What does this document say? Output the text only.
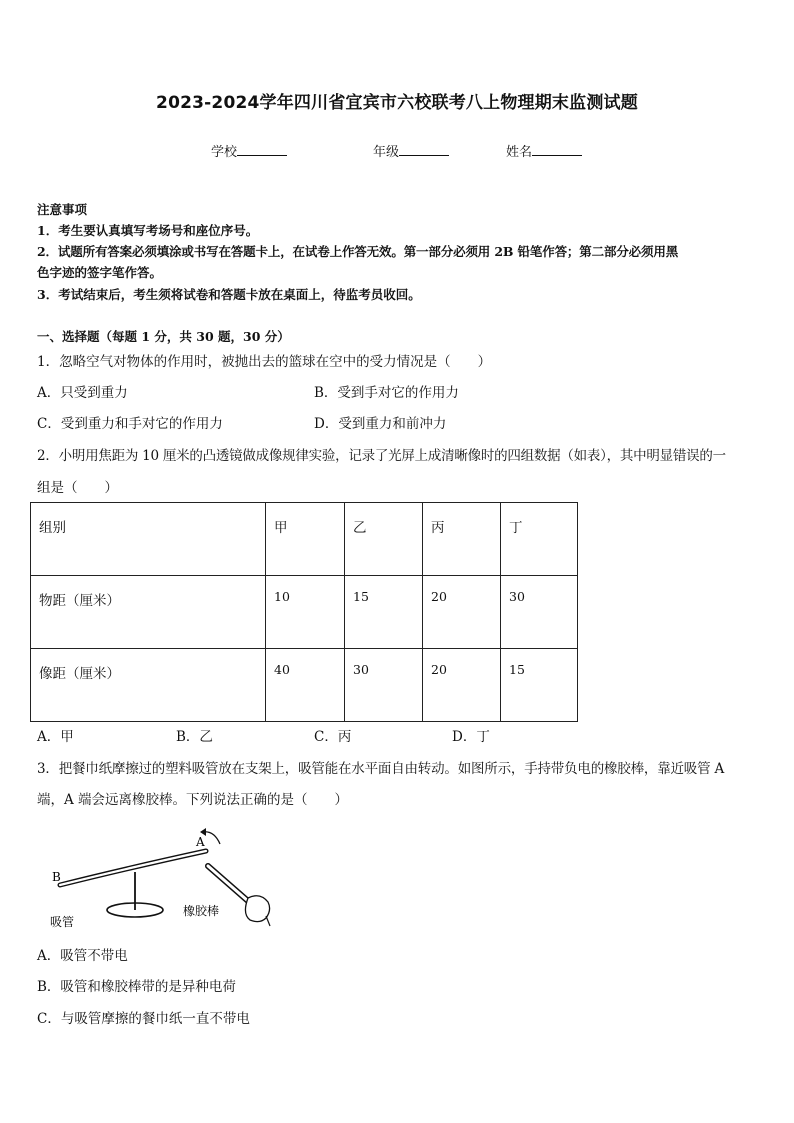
2023-2024学年四川省宜宾市六校联考八上物理期末监测试题
学校	年级	姓名
注意事项
1．考生要认真填写考场号和座位序号。
2．试题所有答案必须填涂或书写在答题卡上，在试卷上作答无效。第一部分必须用 2B 铅笔作答；第二部分必须用黑
色字迹的签字笔作答。
3．考试结束后，考生须将试卷和答题卡放在桌面上，待监考员收回。
一、选择题（每题 1 分，共 30 题，30 分）
1．忽略空气对物体的作用时，被抛出去的篮球在空中的受力情况是（　　）
A．只受到重力	B．受到手对它的作用力
C．受到重力和手对它的作用力	D．受到重力和前冲力
2．小明用焦距为 10 厘米的凸透镜做成像规律实验，记录了光屏上成清晰像时的四组数据（如表），其中明显错误的一
组是（　　）
组别	甲	乙	丙	丁
物距（厘米）	10	15	20	30
像距（厘米）	40	30	20	15
A．甲	B．乙	C．丙	D．丁
3．把餐巾纸摩擦过的塑料吸管放在支架上，吸管能在水平面自由转动。如图所示，手持带负电的橡胶棒，靠近吸管 A
端，A 端会远离橡胶棒。下列说法正确的是（　　）
A
B
吸管
橡胶棒
A．吸管不带电
B．吸管和橡胶棒带的是异种电荷
C．与吸管摩擦的餐巾纸一直不带电
